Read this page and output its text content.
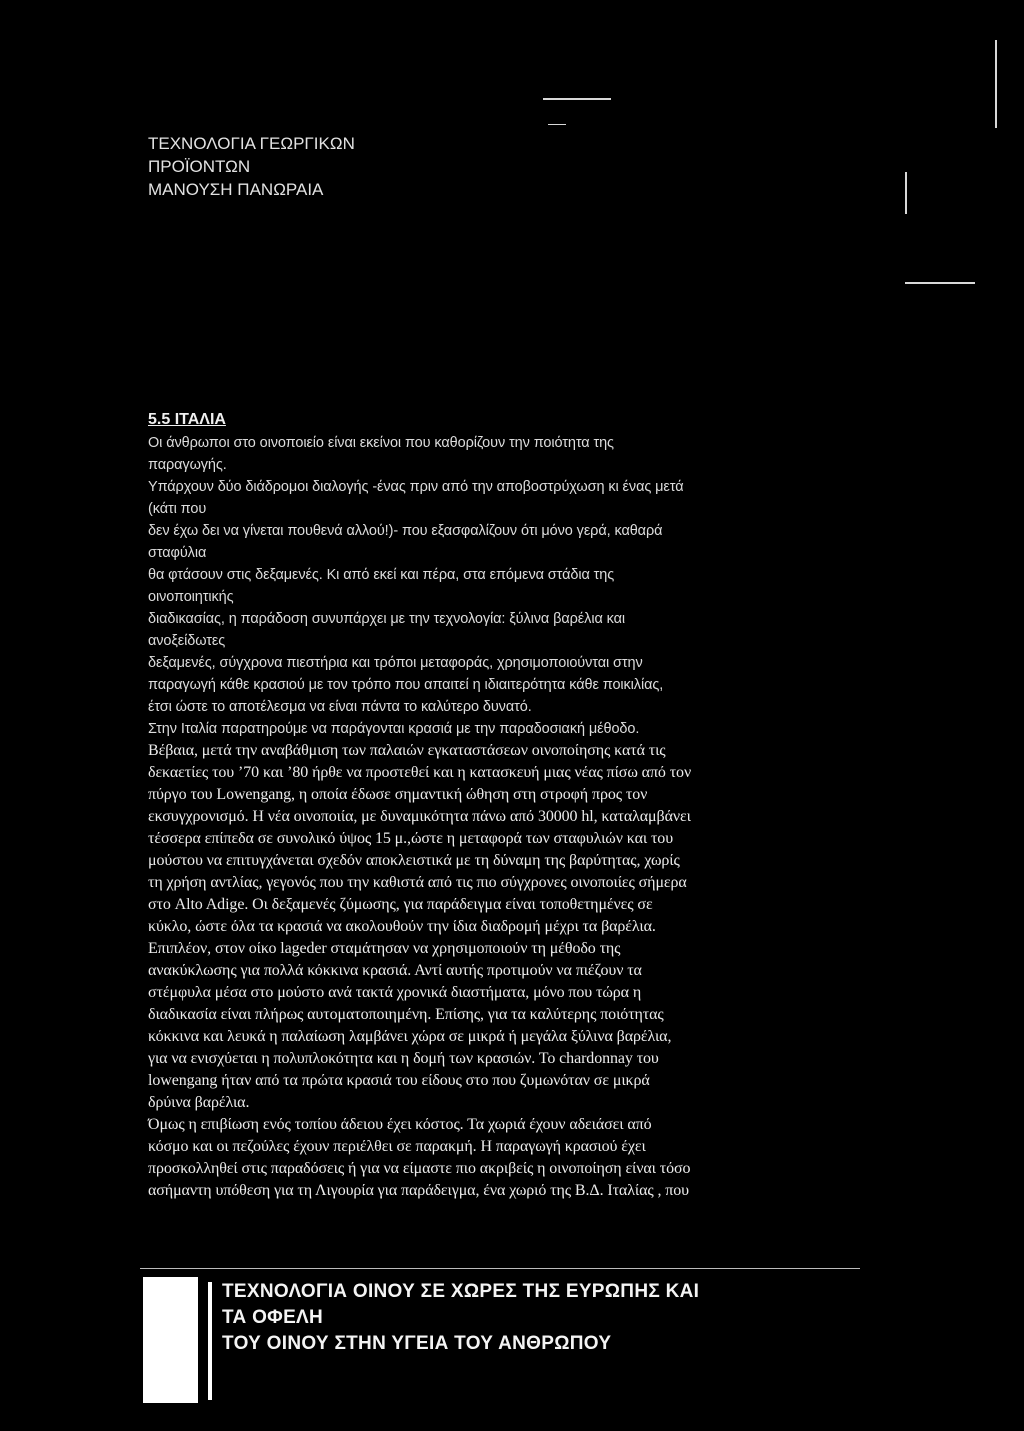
ΤΕΧΝΟΛΟΓΙΑ ΓΕΩΡΓΙΚΩΝ
ΠΡΟΪΟΝΤΩΝ
ΜΑΝΟΥΣΗ ΠΑΝΩΡΑΙΑ
5.5 ΙΤΑΛΙΑ
Οι άνθρωποι στο οινοποιείο είναι εκείνοι που καθορίζουν την ποιότητα της
παραγωγής.
Υπάρχουν δύο διάδρομοι διαλογής -ένας πριν από την αποβοστρύχωση κι ένας μετά
(κάτι που
δεν έχω δει να γίνεται πουθενά αλλού!)- που εξασφαλίζουν ότι μόνο γερά, καθαρά
σταφύλια
θα φτάσουν στις δεξαμενές. Κι από εκεί και πέρα, στα επόμενα στάδια της
οινοποιητικής
διαδικασίας, η παράδοση συνυπάρχει με την τεχνολογία: ξύλινα βαρέλια και
ανοξείδωτες
δεξαμενές, σύγχρονα πιεστήρια και τρόποι μεταφοράς, χρησιμοποιούνται στην
παραγωγή κάθε κρασιού με τον τρόπο που απαιτεί η ιδιαιτερότητα κάθε ποικιλίας,
έτσι ώστε το αποτέλεσμα να είναι πάντα το καλύτερο δυνατό.
Στην Ιταλία παρατηρούμε να παράγονται κρασιά με την παραδοσιακή μέθοδο.
Βέβαια, μετά την αναβάθμιση των παλαιών εγκαταστάσεων οινοποίησης κατά τις
δεκαετίες του ’70 και ’80 ήρθε να προστεθεί και η κατασκευή μιας νέας πίσω από τον
πύργο του Lowengang, η οποία έδωσε σημαντική ώθηση στη στροφή προς τον
εκσυγχρονισμό. Η νέα οινοποιία, με δυναμικότητα πάνω από 30000 hl, καταλαμβάνει
τέσσερα επίπεδα σε συνολικό ύψος 15 μ.,ώστε η μεταφορά των σταφυλιών και του
μούστου να επιτυγχάνεται σχεδόν αποκλειστικά με τη δύναμη της βαρύτητας, χωρίς
τη χρήση αντλίας, γεγονός που την καθιστά από τις πιο σύγχρονες οινοποιίες σήμερα
στο Alto Adige. Οι δεξαμενές ζύμωσης, για παράδειγμα είναι τοποθετημένες σε
κύκλο, ώστε όλα τα κρασιά να ακολουθούν την ίδια διαδρομή μέχρι τα βαρέλια.
Επιπλέον, στον οίκο lageder σταμάτησαν να χρησιμοποιούν τη μέθοδο της
ανακύκλωσης για πολλά κόκκινα κρασιά. Αντί αυτής προτιμούν να πιέζουν τα
στέμφυλα μέσα στο μούστο ανά τακτά χρονικά διαστήματα, μόνο που τώρα η
διαδικασία είναι πλήρως αυτοματοποιημένη. Επίσης, για τα καλύτερης ποιότητας
κόκκινα και λευκά η παλαίωση λαμβάνει χώρα σε μικρά ή μεγάλα ξύλινα βαρέλια,
για να ενισχύεται η πολυπλοκότητα και η δομή των κρασιών. Το chardonnay του
lowengang ήταν από τα πρώτα κρασιά του είδους στο που ζυμωνόταν σε μικρά
δρύινα βαρέλια.
Όμως η επιβίωση ενός τοπίου άδειου έχει κόστος. Τα χωριά έχουν αδειάσει από
κόσμο και οι πεζούλες έχουν περιέλθει σε παρακμή. Η παραγωγή κρασιού έχει
προσκολληθεί στις παραδόσεις ή για να είμαστε πιο ακριβείς η οινοποίηση είναι τόσο
ασήμαντη υπόθεση για τη Λιγουρία για παράδειγμα, ένα χωριό της Β.Δ. Ιταλίας , που
ΤΕΧΝΟΛΟΓΙΑ ΟΙΝΟΥ ΣΕ ΧΩΡΕΣ ΤΗΣ ΕΥΡΩΠΗΣ ΚΑΙ
ΤΑ ΟΦΕΛΗ
ΤΟΥ ΟΙΝΟΥ ΣΤΗΝ ΥΓΕΙΑ ΤΟΥ ΑΝΘΡΩΠΟΥ
